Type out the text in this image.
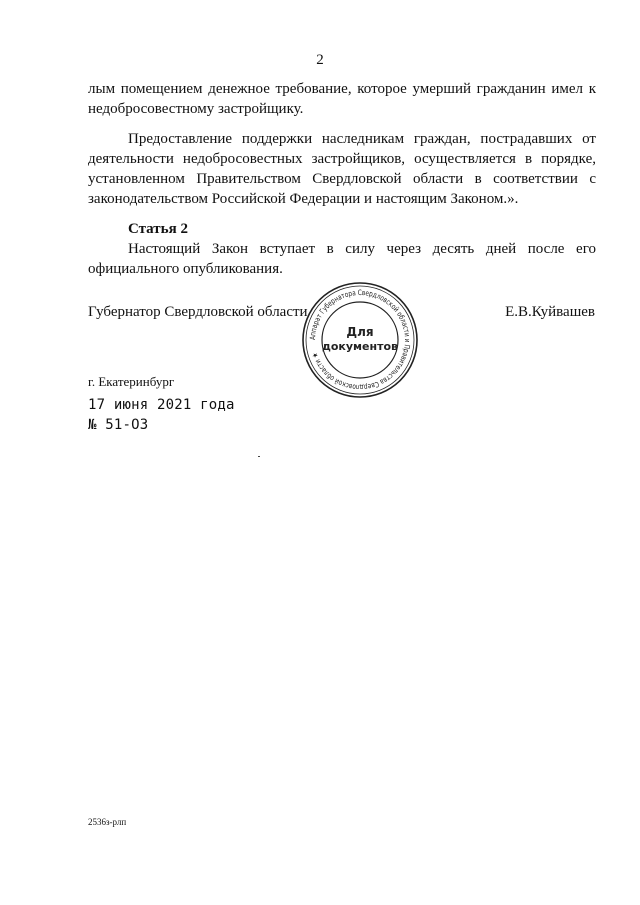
2

лым помещением денежное требование, которое умерший гражданин имел к недобросовестному застройщику.

Предоставление поддержки наследникам граждан, пострадавших от деятельности недобросовестных застройщиков, осуществляется в порядке, установленном Правительством Свердловской области в соответствии с законодательством Российской Федерации и настоящим Законом.».

Статья 2

Настоящий Закон вступает в силу через десять дней после его официального опубликования.

Губернатор Свердловской области	Е.В.Куйвашев
Аппарат Губернатора Свердловской области и Правительства Свердловской области ★
Для
документов
г. Екатеринбург
17 июня 2021 года
№ 51-ОЗ
2536з-рлп
